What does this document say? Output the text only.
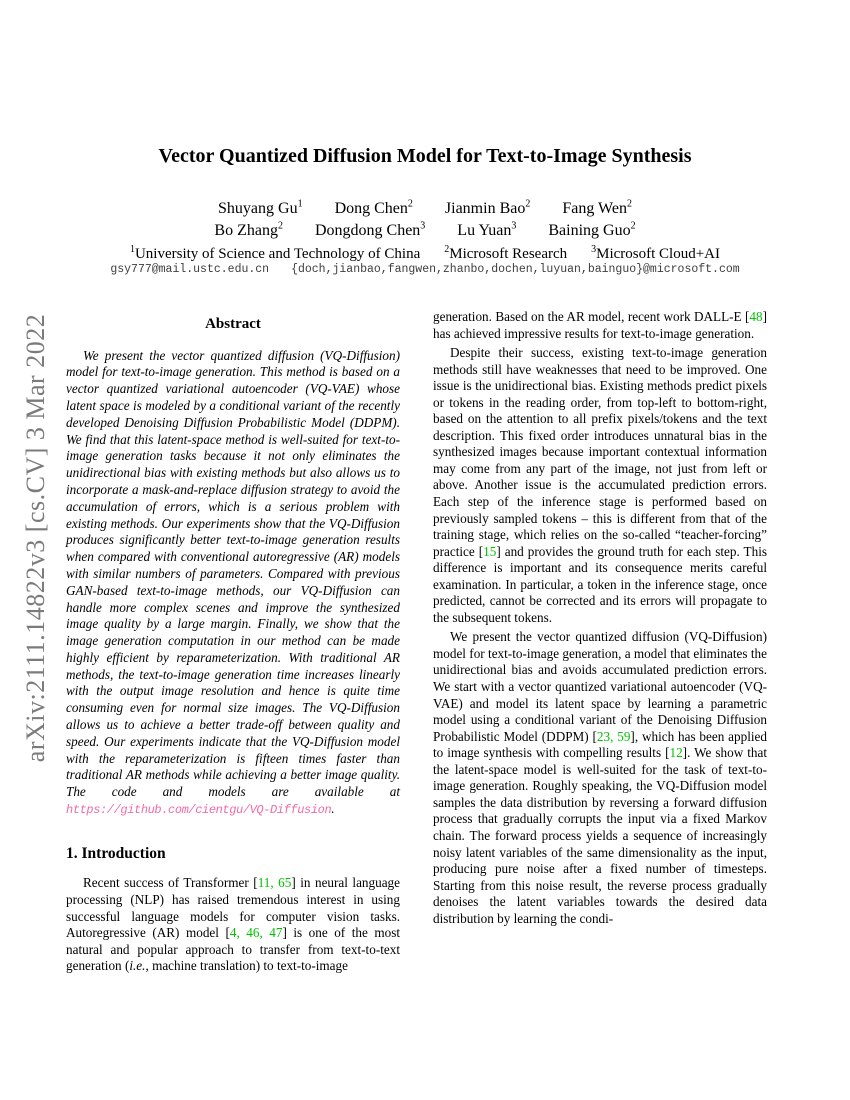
arXiv:2111.14822v3 [cs.CV] 3 Mar 2022
Vector Quantized Diffusion Model for Text-to-Image Synthesis
Shuyang Gu$^1$ Dong Chen$^2$ Jianmin Bao$^2$ Fang Wen$^2$
Bo Zhang$^2$ Dongdong Chen$^3$ Lu Yuan$^3$ Baining Guo$^2$
$^1$University of Science and Technology of China $^2$Microsoft Research $^3$Microsoft Cloud+AI
gsy777@mail.ustc.edu.cn {doch,jianbao,fangwen,zhanbo,dochen,luyuan,bainguo}@microsoft.com
Abstract

We present the vector quantized diffusion (VQ-Diffusion) model for text-to-image generation. This method is based on a vector quantized variational autoencoder (VQ-VAE) whose latent space is modeled by a conditional variant of the recently developed Denoising Diffusion Probabilistic Model (DDPM). We find that this latent-space method is well-suited for text-to-image generation tasks because it not only eliminates the unidirectional bias with existing methods but also allows us to incorporate a mask-and-replace diffusion strategy to avoid the accumulation of errors, which is a serious problem with existing methods. Our experiments show that the VQ-Diffusion produces significantly better text-to-image generation results when compared with conventional autoregressive (AR) models with similar numbers of parameters. Compared with previous GAN-based text-to-image methods, our VQ-Diffusion can handle more complex scenes and improve the synthesized image quality by a large margin. Finally, we show that the image generation computation in our method can be made highly efficient by reparameterization. With traditional AR methods, the text-to-image generation time increases linearly with the output image resolution and hence is quite time consuming even for normal size images. The VQ-Diffusion allows us to achieve a better trade-off between quality and speed. Our experiments indicate that the VQ-Diffusion model with the reparameterization is fifteen times faster than traditional AR methods while achieving a better image quality. The code and models are available at https://github.com/cientgu/VQ-Diffusion.

1. Introduction

Recent success of Transformer [11, 65] in neural language processing (NLP) has raised tremendous interest in using successful language models for computer vision tasks. Autoregressive (AR) model [4, 46, 47] is one of the most natural and popular approach to transfer from text-to-text generation (i.e., machine translation) to text-to-image

generation. Based on the AR model, recent work DALL-E [48] has achieved impressive results for text-to-image generation.

Despite their success, existing text-to-image generation methods still have weaknesses that need to be improved. One issue is the unidirectional bias. Existing methods predict pixels or tokens in the reading order, from top-left to bottom-right, based on the attention to all prefix pixels/tokens and the text description. This fixed order introduces unnatural bias in the synthesized images because important contextual information may come from any part of the image, not just from left or above. Another issue is the accumulated prediction errors. Each step of the inference stage is performed based on previously sampled tokens – this is different from that of the training stage, which relies on the so-called “teacher-forcing” practice [15] and provides the ground truth for each step. This difference is important and its consequence merits careful examination. In particular, a token in the inference stage, once predicted, cannot be corrected and its errors will propagate to the subsequent tokens.

We present the vector quantized diffusion (VQ-Diffusion) model for text-to-image generation, a model that eliminates the unidirectional bias and avoids accumulated prediction errors. We start with a vector quantized variational autoencoder (VQ-VAE) and model its latent space by learning a parametric model using a conditional variant of the Denoising Diffusion Probabilistic Model (DDPM) [23, 59], which has been applied to image synthesis with compelling results [12]. We show that the latent-space model is well-suited for the task of text-to-image generation. Roughly speaking, the VQ-Diffusion model samples the data distribution by reversing a forward diffusion process that gradually corrupts the input via a fixed Markov chain. The forward process yields a sequence of increasingly noisy latent variables of the same dimensionality as the input, producing pure noise after a fixed number of timesteps. Starting from this noise result, the reverse process gradually denoises the latent variables towards the desired data distribution by learning the condi-
